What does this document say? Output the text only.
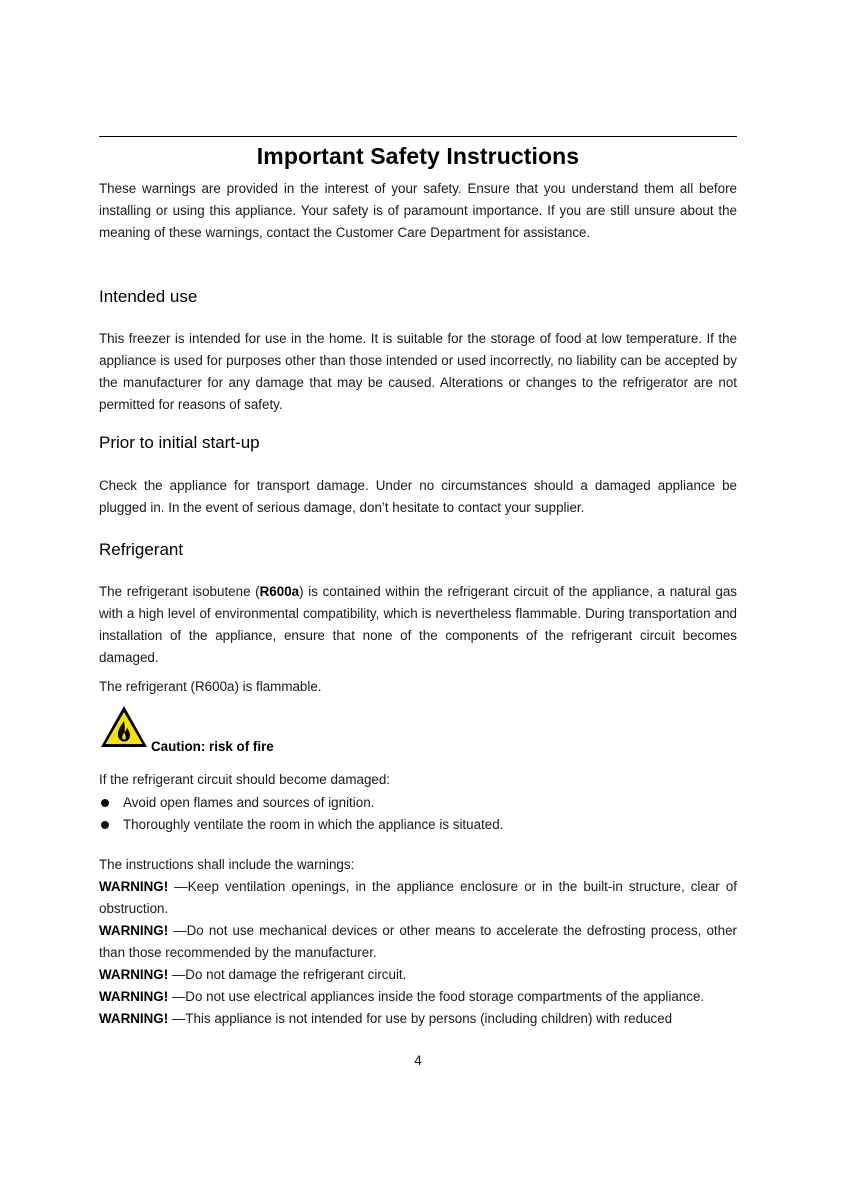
Important Safety Instructions

These warnings are provided in the interest of your safety. Ensure that you understand them all before installing or using this appliance. Your safety is of paramount importance. If you are still unsure about the meaning of these warnings, contact the Customer Care Department for assistance.

Intended use

This freezer is intended for use in the home. It is suitable for the storage of food at low temperature. If the appliance is used for purposes other than those intended or used incorrectly, no liability can be accepted by the manufacturer for any damage that may be caused. Alterations or changes to the refrigerator are not permitted for reasons of safety.

Prior to initial start-up

Check the appliance for transport damage. Under no circumstances should a damaged appliance be plugged in. In the event of serious damage, don’t hesitate to contact your supplier.

Refrigerant

The refrigerant isobutene (R600a) is contained within the refrigerant circuit of the appliance, a natural gas with a high level of environmental compatibility, which is nevertheless flammable. During transportation and installation of the appliance, ensure that none of the components of the refrigerant circuit becomes damaged.

The refrigerant (R600a) is flammable.

Caution: risk of fire

If the refrigerant circuit should become damaged:

Avoid open flames and sources of ignition.
Thoroughly ventilate the room in which the appliance is situated.

The instructions shall include the warnings:

WARNING! —Keep ventilation openings, in the appliance enclosure or in the built-in structure, clear of obstruction.

WARNING! —Do not use mechanical devices or other means to accelerate the defrosting process, other than those recommended by the manufacturer.

WARNING! —Do not damage the refrigerant circuit.

WARNING! —Do not use electrical appliances inside the food storage compartments of the appliance.

WARNING! —This appliance is not intended for use by persons (including children) with reduced

4
